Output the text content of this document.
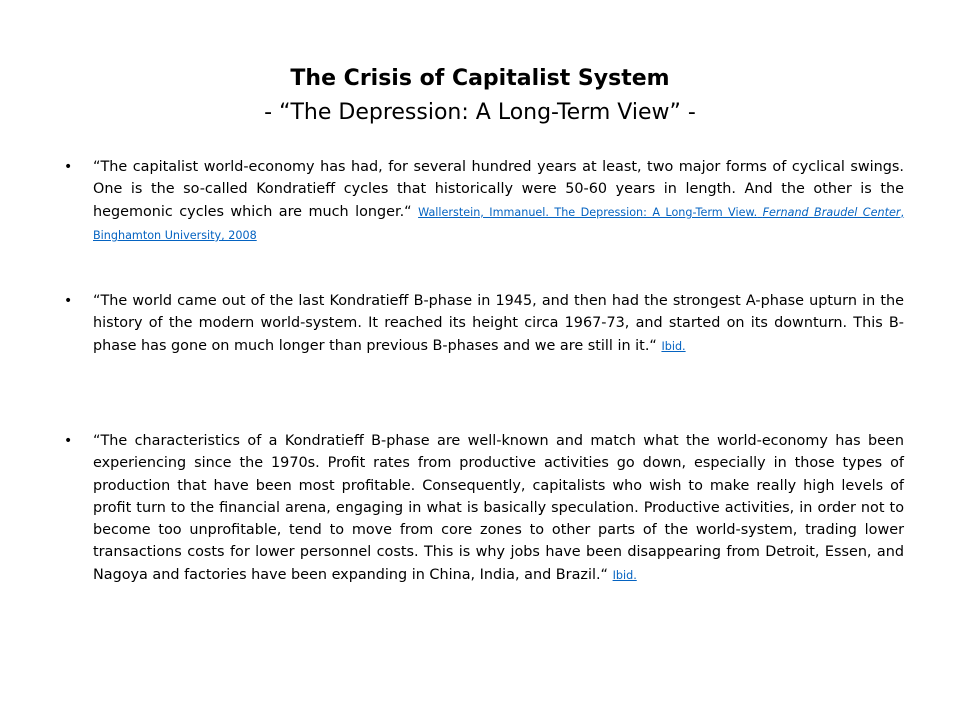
The Crisis of Capitalist System
- “The Depression: A Long-Term View” -
• “The capitalist world-economy has had, for several hundred years at least, two major forms of cyclical swings. One is the so-called Kondratieff cycles that historically were 50-60 years in length. And the other is the hegemonic cycles which are much longer.“ Wallerstein, Immanuel. The Depression: A Long-Term View. Fernand Braudel Center, Binghamton University, 2008
• “The world came out of the last Kondratieff B-phase in 1945, and then had the strongest A-phase upturn in the history of the modern world-system. It reached its height circa 1967-73, and started on its downturn. This B-phase has gone on much longer than previous B-phases and we are still in it.“ Ibid.
• “The characteristics of a Kondratieff B-phase are well-known and match what the world-economy has been experiencing since the 1970s. Profit rates from productive activities go down, especially in those types of production that have been most profitable. Consequently, capitalists who wish to make really high levels of profit turn to the financial arena, engaging in what is basically speculation. Productive activities, in order not to become too unprofitable, tend to move from core zones to other parts of the world-system, trading lower transactions costs for lower personnel costs. This is why jobs have been disappearing from Detroit, Essen, and Nagoya and factories have been expanding in China, India, and Brazil.“ Ibid.
